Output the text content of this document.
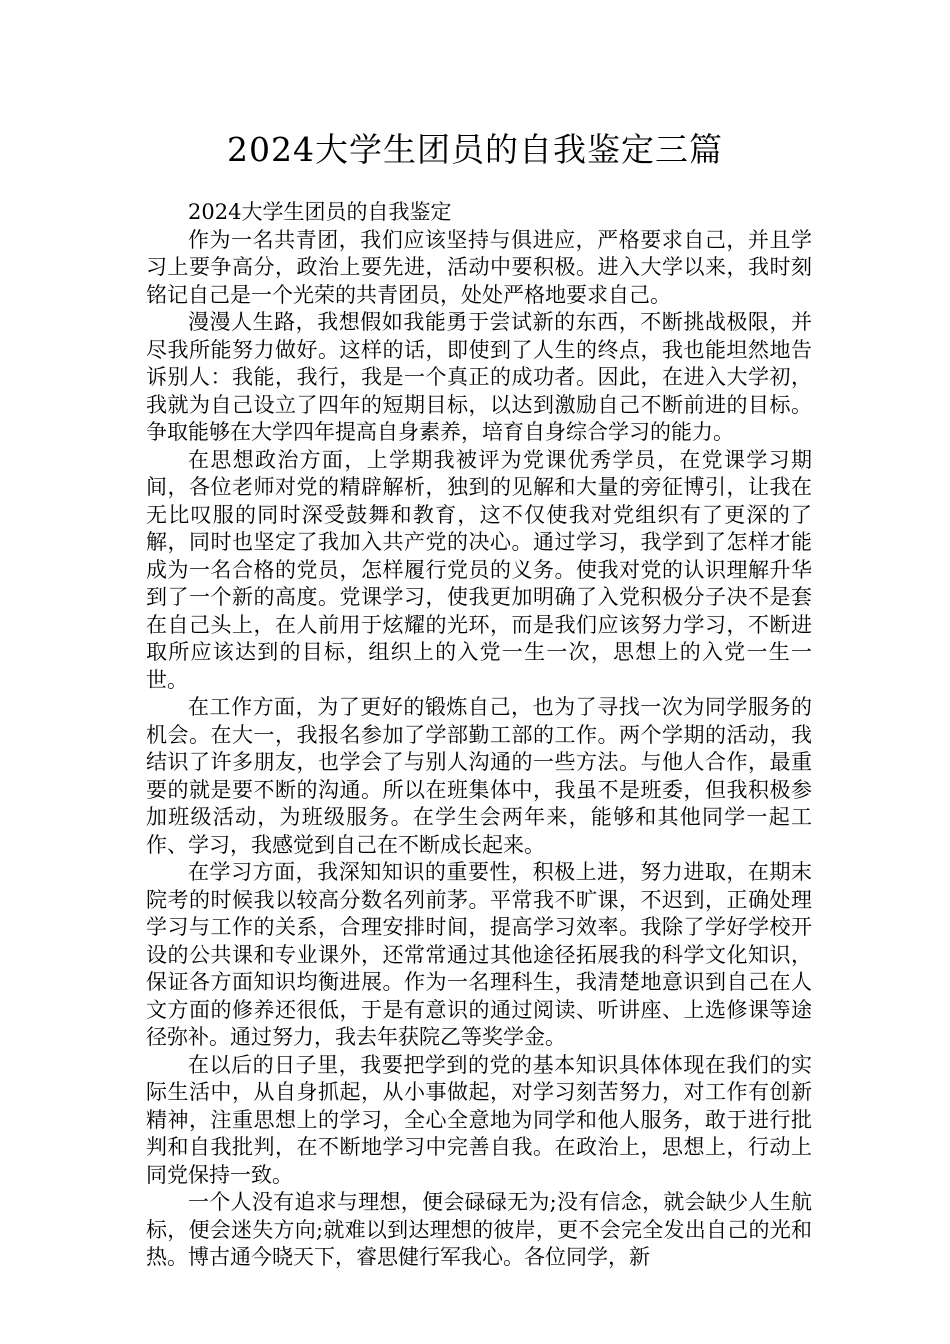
2024大学生团员的自我鉴定三篇

2024大学生团员的自我鉴定

作为一名共青团，我们应该坚持与俱进应，严格要求自己，并且学习上要争高分，政治上要先进，活动中要积极。进入大学以来，我时刻铭记自己是一个光荣的共青团员，处处严格地要求自己。

漫漫人生路，我想假如我能勇于尝试新的东西，不断挑战极限，并尽我所能努力做好。这样的话，即使到了人生的终点，我也能坦然地告诉别人：我能，我行，我是一个真正的成功者。因此，在进入大学初，我就为自己设立了四年的短期目标，以达到激励自己不断前进的目标。争取能够在大学四年提高自身素养，培育自身综合学习的能力。

在思想政治方面，上学期我被评为党课优秀学员，在党课学习期间，各位老师对党的精辟解析，独到的见解和大量的旁征博引，让我在无比叹服的同时深受鼓舞和教育，这不仅使我对党组织有了更深的了解，同时也坚定了我加入共产党的决心。通过学习，我学到了怎样才能成为一名合格的党员，怎样履行党员的义务。使我对党的认识理解升华到了一个新的高度。党课学习，使我更加明确了入党积极分子决不是套在自己头上，在人前用于炫耀的光环，而是我们应该努力学习，不断进取所应该达到的目标，组织上的入党一生一次，思想上的入党一生一世。

在工作方面，为了更好的锻炼自己，也为了寻找一次为同学服务的机会。在大一，我报名参加了学部勤工部的工作。两个学期的活动，我结识了许多朋友，也学会了与别人沟通的一些方法。与他人合作，最重要的就是要不断的沟通。所以在班集体中，我虽不是班委，但我积极参加班级活动，为班级服务。在学生会两年来，能够和其他同学一起工作、学习，我感觉到自己在不断成长起来。

在学习方面，我深知知识的重要性，积极上进，努力进取，在期末院考的时候我以较高分数名列前茅。平常我不旷课，不迟到，正确处理学习与工作的关系，合理安排时间，提高学习效率。我除了学好学校开设的公共课和专业课外，还常常通过其他途径拓展我的科学文化知识，保证各方面知识均衡进展。作为一名理科生，我清楚地意识到自己在人文方面的修养还很低，于是有意识的通过阅读、听讲座、上选修课等途径弥补。通过努力，我去年获院乙等奖学金。

在以后的日子里，我要把学到的党的基本知识具体体现在我们的实际生活中，从自身抓起，从小事做起，对学习刻苦努力，对工作有创新精神，注重思想上的学习，全心全意地为同学和他人服务，敢于进行批判和自我批判，在不断地学习中完善自我。在政治上，思想上，行动上同党保持一致。

一个人没有追求与理想，便会碌碌无为;没有信念，就会缺少人生航标，便会迷失方向;就难以到达理想的彼岸，更不会完全发出自己的光和热。博古通今晓天下，睿思健行军我心。各位同学，新
